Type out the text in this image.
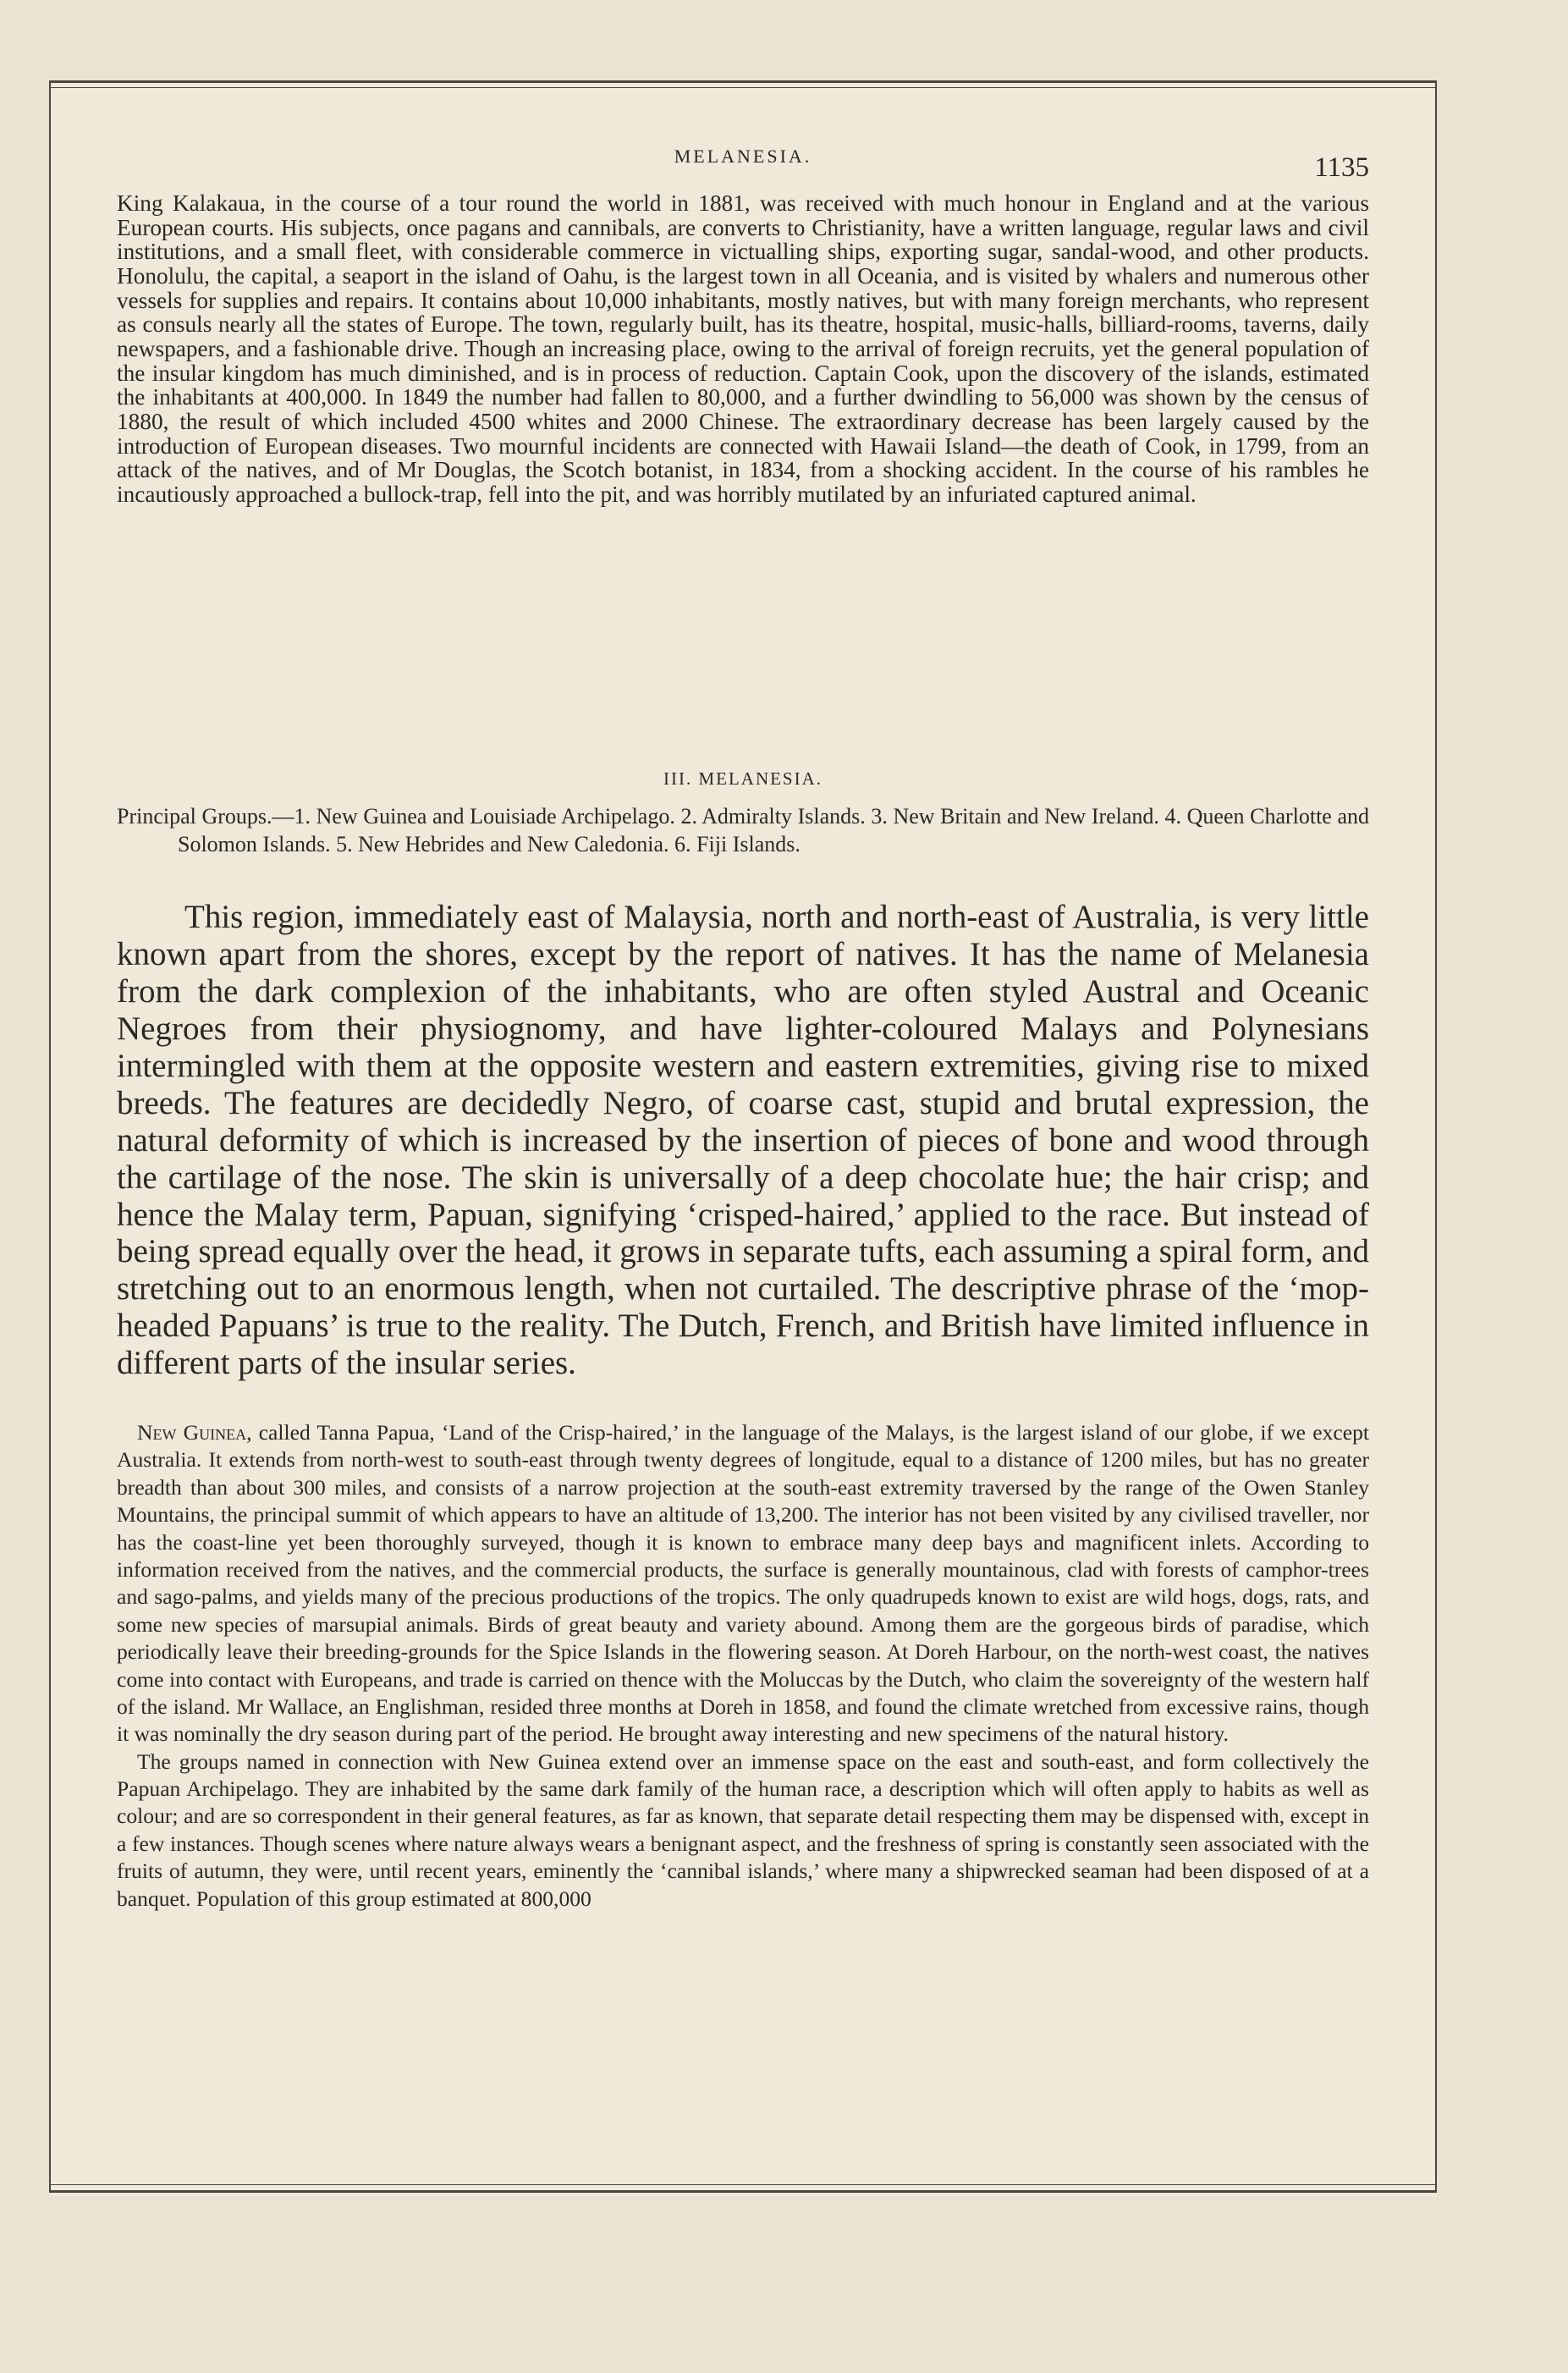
MELANESIA.	1135

King Kalakaua, in the course of a tour round the world in 1881, was received with much honour in England and at the various European courts. His subjects, once pagans and cannibals, are converts to Christianity, have a written language, regular laws and civil institutions, and a small fleet, with considerable commerce in victualling ships, exporting sugar, sandal-wood, and other products. Honolulu, the capital, a seaport in the island of Oahu, is the largest town in all Oceania, and is visited by whalers and numerous other vessels for supplies and repairs. It contains about 10,000 inhabitants, mostly natives, but with many foreign merchants, who represent as consuls nearly all the states of Europe. The town, regularly built, has its theatre, hospital, music-halls, billiard-rooms, taverns, daily newspapers, and a fashionable drive. Though an increasing place, owing to the arrival of foreign recruits, yet the general population of the insular kingdom has much diminished, and is in process of reduction. Captain Cook, upon the discovery of the islands, estimated the inhabitants at 400,000. In 1849 the number had fallen to 80,000, and a further dwindling to 56,000 was shown by the census of 1880, the result of which included 4500 whites and 2000 Chinese. The extraordinary decrease has been largely caused by the introduction of European diseases. Two mournful incidents are connected with Hawaii Island—the death of Cook, in 1799, from an attack of the natives, and of Mr Douglas, the Scotch botanist, in 1834, from a shocking accident. In the course of his rambles he incautiously approached a bullock-trap, fell into the pit, and was horribly mutilated by an infuriated captured animal.

III. MELANESIA.
Principal Groups.—1. New Guinea and Louisiade Archipelago. 2. Admiralty Islands. 3. New Britain and New Ireland. 4. Queen Charlotte and Solomon Islands. 5. New Hebrides and New Caledonia. 6. Fiji Islands.

This region, immediately east of Malaysia, north and north-east of Australia, is very little known apart from the shores, except by the report of natives. It has the name of Melanesia from the dark complexion of the inhabitants, who are often styled Austral and Oceanic Negroes from their physiognomy, and have lighter-coloured Malays and Polynesians intermingled with them at the opposite western and eastern extremities, giving rise to mixed breeds. The features are decidedly Negro, of coarse cast, stupid and brutal expression, the natural deformity of which is increased by the insertion of pieces of bone and wood through the cartilage of the nose. The skin is universally of a deep chocolate hue; the hair crisp; and hence the Malay term, Papuan, signifying ‘crisped-haired,’ applied to the race. But instead of being spread equally over the head, it grows in separate tufts, each assuming a spiral form, and stretching out to an enormous length, when not curtailed. The descriptive phrase of the ‘mop-headed Papuans’ is true to the reality. The Dutch, French, and British have limited influence in different parts of the insular series.

New Guinea, called Tanna Papua, ‘Land of the Crisp-haired,’ in the language of the Malays, is the largest island of our globe, if we except Australia. It extends from north-west to south-east through twenty degrees of longitude, equal to a distance of 1200 miles, but has no greater breadth than about 300 miles, and consists of a narrow projection at the south-east extremity traversed by the range of the Owen Stanley Mountains, the principal summit of which appears to have an altitude of 13,200. The interior has not been visited by any civilised traveller, nor has the coast-line yet been thoroughly surveyed, though it is known to embrace many deep bays and magnificent inlets. According to information received from the natives, and the commercial products, the surface is generally mountainous, clad with forests of camphor-trees and sago-palms, and yields many of the precious productions of the tropics. The only quadrupeds known to exist are wild hogs, dogs, rats, and some new species of marsupial animals. Birds of great beauty and variety abound. Among them are the gorgeous birds of paradise, which periodically leave their breeding-grounds for the Spice Islands in the flowering season. At Doreh Harbour, on the north-west coast, the natives come into contact with Europeans, and trade is carried on thence with the Moluccas by the Dutch, who claim the sovereignty of the western half of the island. Mr Wallace, an Englishman, resided three months at Doreh in 1858, and found the climate wretched from excessive rains, though it was nominally the dry season during part of the period. He brought away interesting and new specimens of the natural history.

The groups named in connection with New Guinea extend over an immense space on the east and south-east, and form collectively the Papuan Archipelago. They are inhabited by the same dark family of the human race, a description which will often apply to habits as well as colour; and are so correspondent in their general features, as far as known, that separate detail respecting them may be dispensed with, except in a few instances. Though scenes where nature always wears a benignant aspect, and the freshness of spring is constantly seen associated with the fruits of autumn, they were, until recent years, eminently the ‘cannibal islands,’ where many a shipwrecked seaman had been disposed of at a banquet. Population of this group estimated at 800,000
